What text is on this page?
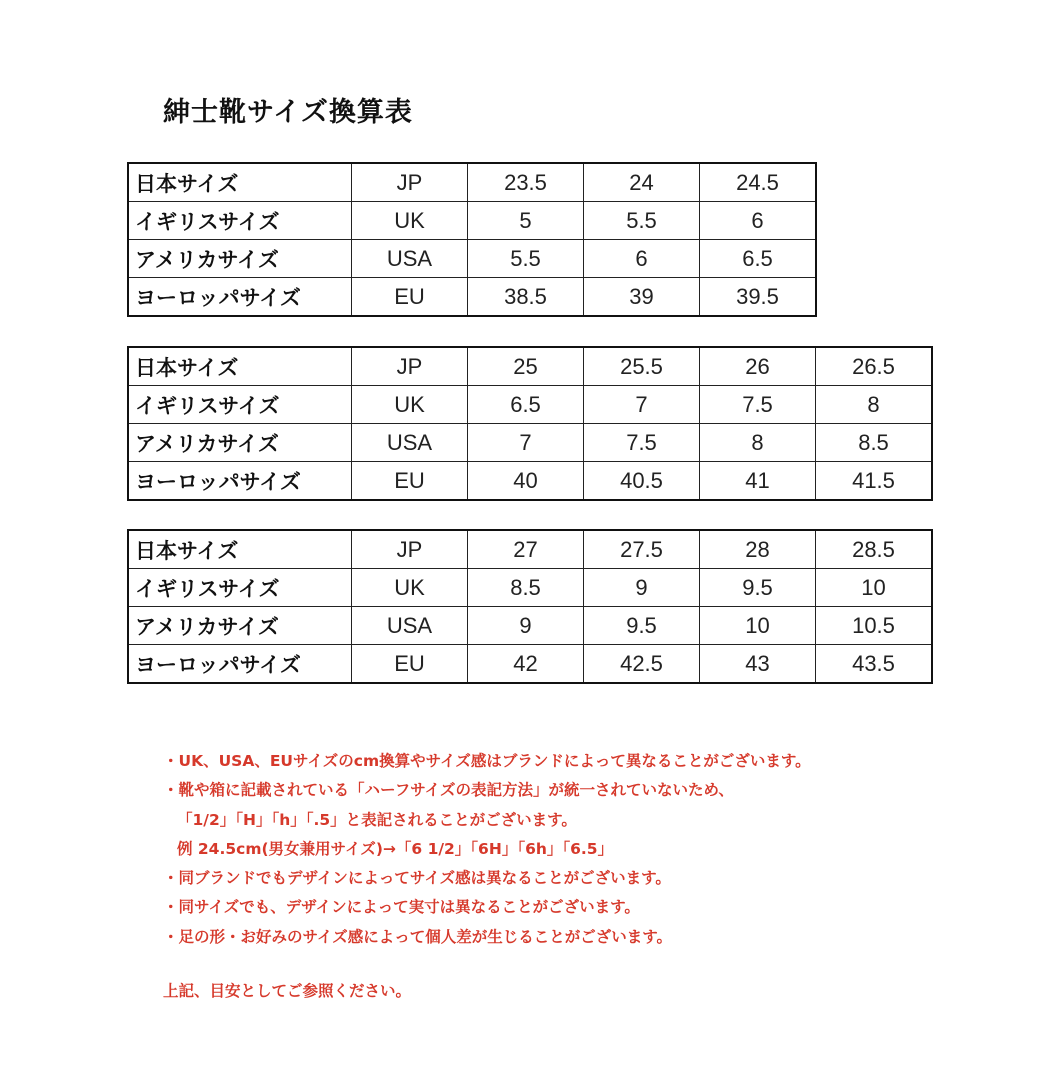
紳士靴サイズ換算表
日本サイズ	JP	23.5	24	24.5
イギリスサイズ	UK	5	5.5	6
アメリカサイズ	USA	5.5	6	6.5
ヨーロッパサイズ	EU	38.5	39	39.5
日本サイズ	JP	25	25.5	26	26.5
イギリスサイズ	UK	6.5	7	7.5	8
アメリカサイズ	USA	7	7.5	8	8.5
ヨーロッパサイズ	EU	40	40.5	41	41.5
日本サイズ	JP	27	27.5	28	28.5
イギリスサイズ	UK	8.5	9	9.5	10
アメリカサイズ	USA	9	9.5	10	10.5
ヨーロッパサイズ	EU	42	42.5	43	43.5
・UK、USA、EUサイズのcm換算やサイズ感はブランドによって異なることがございます。
・靴や箱に記載されている「ハーフサイズの表記方法」が統一されていないため、
「1/2」「H」「h」「.5」と表記されることがございます。
例 24.5cm(男女兼用サイズ)→「6 1/2」「6H」「6h」「6.5」
・同ブランドでもデザインによってサイズ感は異なることがございます。
・同サイズでも、デザインによって実寸は異なることがございます。
・足の形・お好みのサイズ感によって個人差が生じることがございます。
上記、目安としてご参照ください。
